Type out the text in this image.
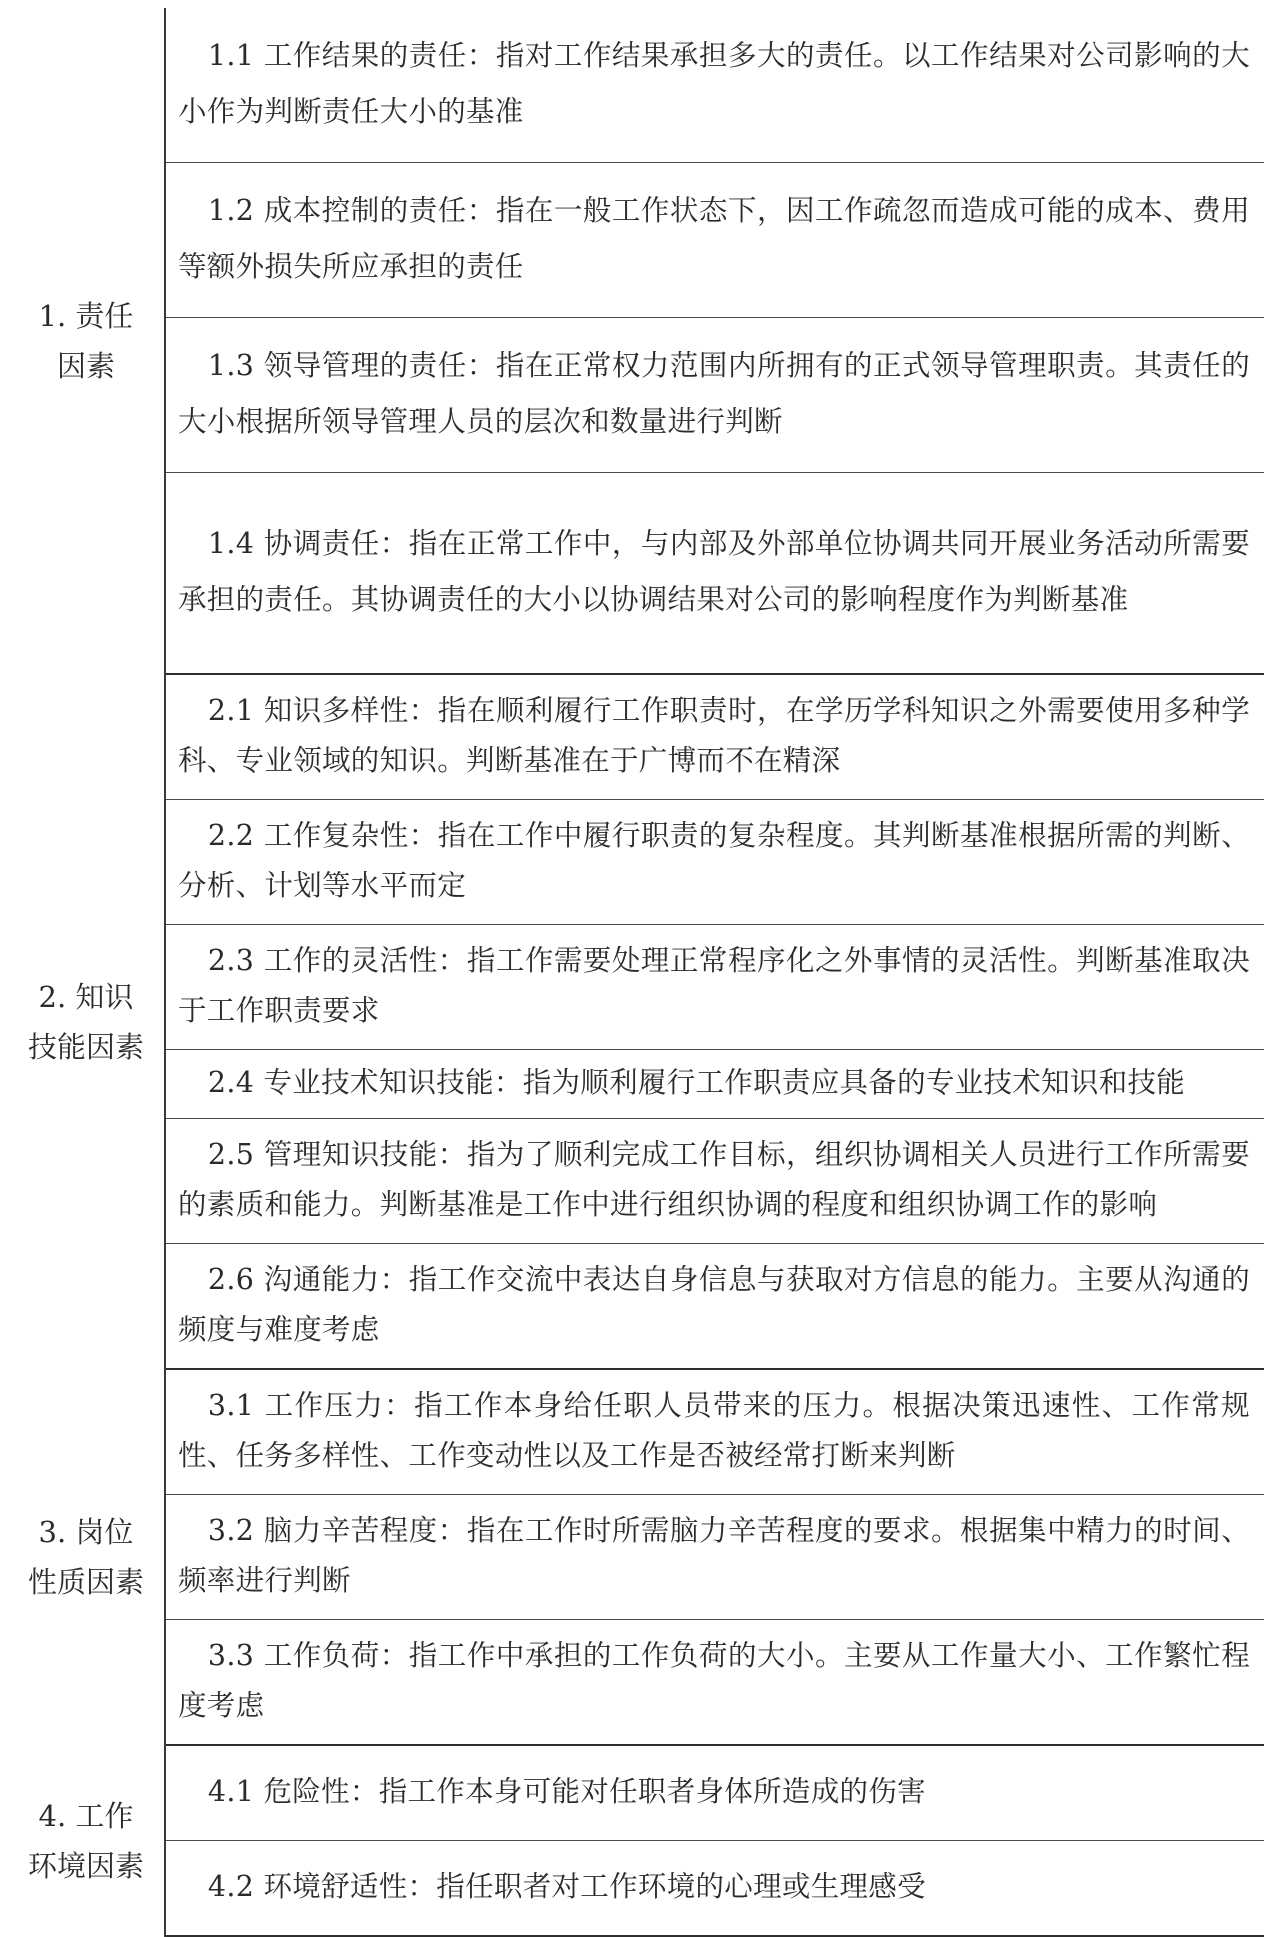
1. 责任因素	1.1 工作结果的责任：指对工作结果承担多大的责任。以工作结果对公司影响的大小作为判断责任大小的基准
	1.2 成本控制的责任：指在一般工作状态下，因工作疏忽而造成可能的成本、费用等额外损失所应承担的责任
	1.3 领导管理的责任：指在正常权力范围内所拥有的正式领导管理职责。其责任的大小根据所领导管理人员的层次和数量进行判断
	1.4 协调责任：指在正常工作中，与内部及外部单位协调共同开展业务活动所需要承担的责任。其协调责任的大小以协调结果对公司的影响程度作为判断基准
2. 知识技能因素	2.1 知识多样性：指在顺利履行工作职责时，在学历学科知识之外需要使用多种学科、专业领域的知识。判断基准在于广博而不在精深
	2.2 工作复杂性：指在工作中履行职责的复杂程度。其判断基准根据所需的判断、分析、计划等水平而定
	2.3 工作的灵活性：指工作需要处理正常程序化之外事情的灵活性。判断基准取决于工作职责要求
	2.4 专业技术知识技能：指为顺利履行工作职责应具备的专业技术知识和技能
	2.5 管理知识技能：指为了顺利完成工作目标，组织协调相关人员进行工作所需要的素质和能力。判断基准是工作中进行组织协调的程度和组织协调工作的影响
	2.6 沟通能力：指工作交流中表达自身信息与获取对方信息的能力。主要从沟通的频度与难度考虑
3. 岗位性质因素	3.1 工作压力：指工作本身给任职人员带来的压力。根据决策迅速性、工作常规性、任务多样性、工作变动性以及工作是否被经常打断来判断
	3.2 脑力辛苦程度：指在工作时所需脑力辛苦程度的要求。根据集中精力的时间、频率进行判断
	3.3 工作负荷：指工作中承担的工作负荷的大小。主要从工作量大小、工作繁忙程度考虑
4. 工作环境因素	4.1 危险性：指工作本身可能对任职者身体所造成的伤害
	4.2 环境舒适性：指任职者对工作环境的心理或生理感受
